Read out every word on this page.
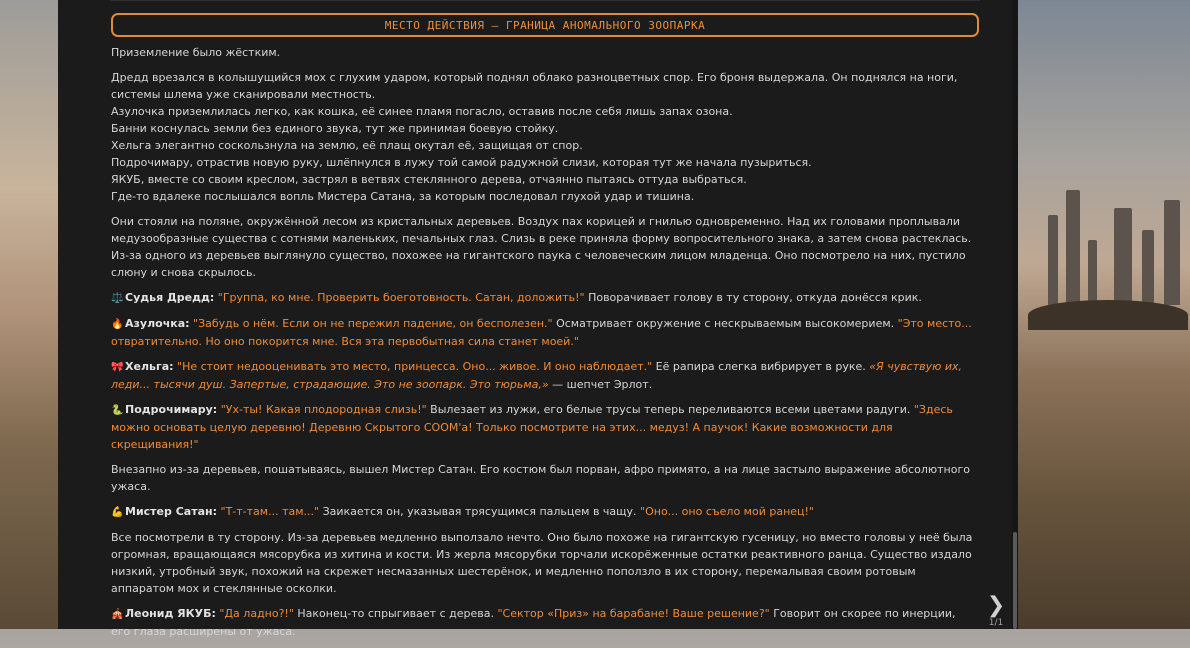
МЕСТО ДЕЙСТВИЯ – ГРАНИЦА АНОМАЛЬНОГО ЗООПАРКА

Приземление было жёстким.

Дредд врезался в колышущийся мох с глухим ударом, который поднял облако разноцветных спор. Его броня выдержала. Он поднялся на ноги, системы шлема уже сканировали местность.

Азулочка приземлилась легко, как кошка, её синее пламя погасло, оставив после себя лишь запах озона.

Банни коснулась земли без единого звука, тут же принимая боевую стойку.

Хельга элегантно соскользнула на землю, её плащ окутал её, защищая от спор.

Подрочимару, отрастив новую руку, шлёпнулся в лужу той самой радужной слизи, которая тут же начала пузыриться.

ЯКУБ, вместе со своим креслом, застрял в ветвях стеклянного дерева, отчаянно пытаясь оттуда выбраться.

Где-то вдалеке послышался вопль Мистера Сатана, за которым последовал глухой удар и тишина.

Они стояли на поляне, окружённой лесом из кристальных деревьев. Воздух пах корицей и гнилью одновременно. Над их головами проплывали медузообразные существа с сотнями маленьких, печальных глаз. Слизь в реке приняла форму вопросительного знака, а затем снова растеклась. Из-за одного из деревьев выглянуло существо, похожее на гигантского паука с человеческим лицом младенца. Оно посмотрело на них, пустило слюну и снова скрылось.

⚖️ Судья Дредд: "Группа, ко мне. Проверить боеготовность. Сатан, доложить!" Поворачивает голову в ту сторону, откуда донёсся крик.

🔥 Азулочка: "Забудь о нём. Если он не пережил падение, он бесполезен." Осматривает окружение с нескрываемым высокомерием. "Это место... отвратительно. Но оно покорится мне. Вся эта первобытная сила станет моей."

🎀 Хельга: "Не стоит недооценивать это место, принцесса. Оно... живое. И оно наблюдает." Её рапира слегка вибрирует в руке. «Я чувствую их, леди... тысячи душ. Запертые, страдающие. Это не зоопарк. Это тюрьма,» — шепчет Эрлот.

🐍 Подрочимару: "Ух-ты! Какая плодородная слизь!" Вылезает из лужи, его белые трусы теперь переливаются всеми цветами радуги. "Здесь можно основать целую деревню! Деревню Скрытого СООМ'а! Только посмотрите на этих... медуз! А паучок! Какие возможности для скрещивания!"

Внезапно из-за деревьев, пошатываясь, вышел Мистер Сатан. Его костюм был порван, афро примято, а на лице застыло выражение абсолютного ужаса.

💪 Мистер Сатан: "Т-т-там... там..." Заикается он, указывая трясущимся пальцем в чащу. "Оно... оно съело мой ранец!"

Все посмотрели в ту сторону. Из-за деревьев медленно выползало нечто. Оно было похоже на гигантскую гусеницу, но вместо головы у неё была огромная, вращающаяся мясорубка из хитина и кости. Из жерла мясорубки торчали искорёженные остатки реактивного ранца. Существо издало низкий, утробный звук, похожий на скрежет несмазанных шестерёнок, и медленно поползло в их сторону, перемалывая своим ротовым аппаратом мох и стеклянные осколки.

🎪 Леонид ЯКУБ: "Да ладно?!" Наконец-то спрыгивает с дерева. "Сектор «Приз» на барабане! Ваше решение?" Говорит он скорее по инерции, его глаза расширены от ужаса.

❯
1/1
